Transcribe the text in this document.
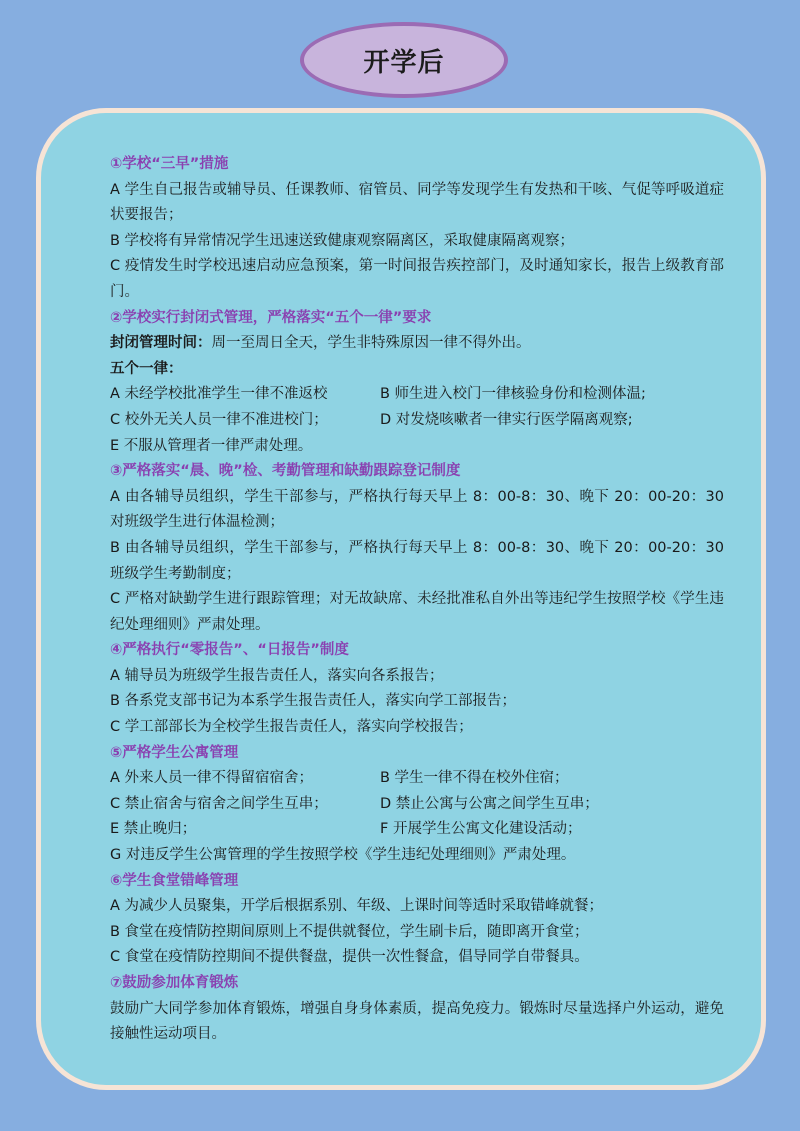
开学后

①学校“三早”措施

A 学生自己报告或辅导员、任课教师、宿管员、同学等发现学生有发热和干咳、气促等呼吸道症状要报告；

B 学校将有异常情况学生迅速送致健康观察隔离区，采取健康隔离观察；

C 疫情发生时学校迅速启动应急预案，第一时间报告疾控部门，及时通知家长，报告上级教育部门。

②学校实行封闭式管理，严格落实“五个一律”要求

封闭管理时间：周一至周日全天，学生非特殊原因一律不得外出。

五个一律：

A 未经学校批准学生一律不准返校	B 师生进入校门一律核验身份和检测体温;
C 校外无关人员一律不准进校门；	D 对发烧咳嗽者一律实行医学隔离观察;

E 不服从管理者一律严肃处理。

③严格落实“晨、晚”检、考勤管理和缺勤跟踪登记制度

A 由各辅导员组织，学生干部参与，严格执行每天早上 8：00-8：30、晚下 20：00-20：30 对班级学生进行体温检测；

B 由各辅导员组织，学生干部参与，严格执行每天早上 8：00-8：30、晚下 20：00-20：30 班级学生考勤制度；

C 严格对缺勤学生进行跟踪管理；对无故缺席、未经批准私自外出等违纪学生按照学校《学生违纪处理细则》严肃处理。

④严格执行“零报告”、“日报告”制度

A 辅导员为班级学生报告责任人，落实向各系报告；

B 各系党支部书记为本系学生报告责任人，落实向学工部报告；

C 学工部部长为全校学生报告责任人，落实向学校报告；

⑤严格学生公寓管理

A 外来人员一律不得留宿宿舍；	B 学生一律不得在校外住宿；
C 禁止宿舍与宿舍之间学生互串；	D 禁止公寓与公寓之间学生互串；
E 禁止晚归；	F 开展学生公寓文化建设活动；

G 对违反学生公寓管理的学生按照学校《学生违纪处理细则》严肃处理。

⑥学生食堂错峰管理

A 为减少人员聚集，开学后根据系别、年级、上课时间等适时采取错峰就餐；

B 食堂在疫情防控期间原则上不提供就餐位，学生刷卡后，随即离开食堂；

C 食堂在疫情防控期间不提供餐盘，提供一次性餐盒，倡导同学自带餐具。

⑦鼓励参加体育锻炼

鼓励广大同学参加体育锻炼，增强自身身体素质，提高免疫力。锻炼时尽量选择户外运动，避免接触性运动项目。
